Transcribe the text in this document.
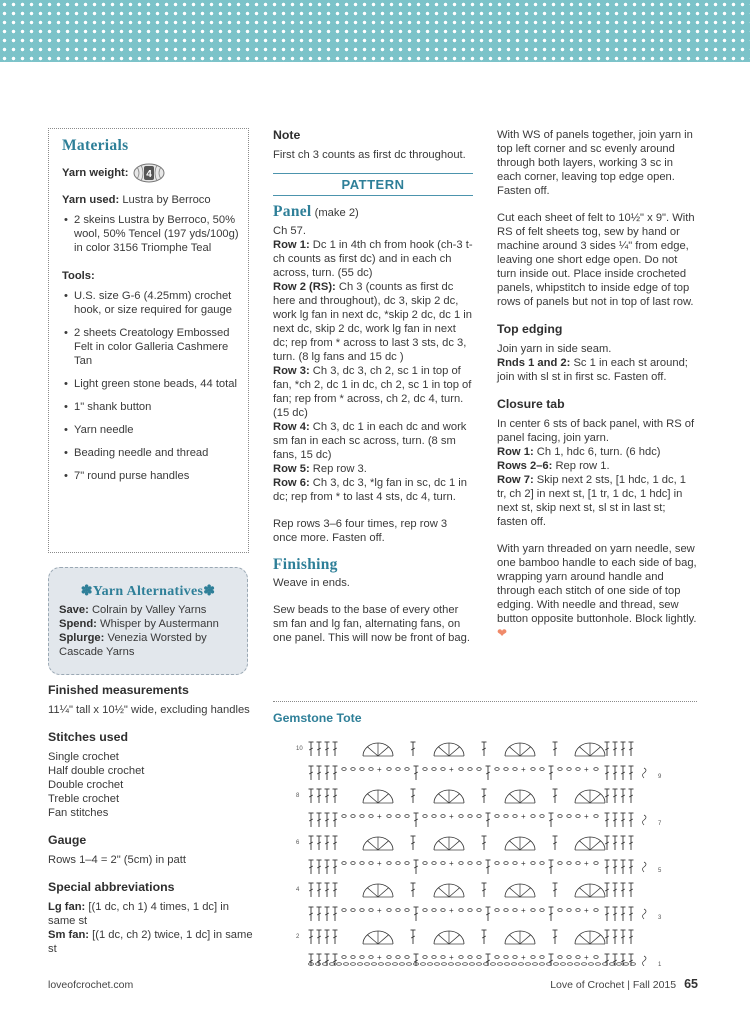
Materials
Yarn weight: 4
Yarn used: Lustra by Berroco
• 2 skeins Lustra by Berroco, 50% wool, 50% Tencel (197 yds/100g) in color 3156 Triomphe Teal
Tools:
• U.S. size G-6 (4.25mm) crochet hook, or size required for gauge
• 2 sheets Creatology Embossed Felt in color Galleria Cashmere Tan
• Light green stone beads, 44 total
• 1" shank button
• Yarn needle
• Beading needle and thread
• 7" round purse handles
✽Yarn Alternatives✽
Save: Colrain by Valley Yarns
Spend: Whisper by Austermann
Splurge: Venezia Worsted by Cascade Yarns
Finished measurements
11¼" tall x 10½" wide, excluding handles
Stitches used
Single crochet
Half double crochet
Double crochet
Treble crochet
Fan stitches
Gauge
Rows 1–4 = 2" (5cm) in patt
Special abbreviations
Lg fan: [(1 dc, ch 1) 4 times, 1 dc] in same st
Sm fan: [(1 dc, ch 2) twice, 1 dc] in same st
Note
First ch 3 counts as first dc throughout.
PATTERN
Panel (make 2)
Ch 57.
Row 1: Dc 1 in 4th ch from hook (ch-3 t-ch counts as first dc) and in each ch across, turn. (55 dc)
Row 2 (RS): Ch 3 (counts as first dc here and throughout), dc 3, skip 2 dc, work lg fan in next dc, *skip 2 dc, dc 1 in next dc, skip 2 dc, work lg fan in next dc; rep from * across to last 3 sts, dc 3, turn. (8 lg fans and 15 dc )
Row 3: Ch 3, dc 3, ch 2, sc 1 in top of fan, *ch 2, dc 1 in dc, ch 2, sc 1 in top of fan; rep from * across, ch 2, dc 4, turn. (15 dc)
Row 4: Ch 3, dc 1 in each dc and work sm fan in each sc across, turn. (8 sm fans, 15 dc)
Row 5: Rep row 3.
Row 6: Ch 3, dc 3, *lg fan in sc, dc 1 in dc; rep from * to last 4 sts, dc 4, turn.
Rep rows 3–6 four times, rep row 3 once more. Fasten off.
Finishing
Weave in ends.
Sew beads to the base of every other sm fan and lg fan, alternating fans, on one panel. This will now be front of bag.
With WS of panels together, join yarn in top left corner and sc evenly around through both layers, working 3 sc in each corner, leaving top edge open. Fasten off.
Cut each sheet of felt to 10½" x 9". With RS of felt sheets tog, sew by hand or machine around 3 sides ¼" from edge, leaving one short edge open. Do not turn inside out. Place inside crocheted panels, whipstitch to inside edge of top rows of panels but not in top of last row.
Top edging
Join yarn in side seam.
Rnds 1 and 2: Sc 1 in each st around; join with sl st in first sc. Fasten off.
Closure tab
In center 6 sts of back panel, with RS of panel facing, join yarn.
Row 1: Ch 1, hdc 6, turn. (6 hdc)
Rows 2–6: Rep row 1.
Row 7: Skip next 2 sts, [1 hdc, 1 dc, 1 tr, ch 2] in next st, [1 tr, 1 dc, 1 hdc] in next st, skip next st, sl st in last st; fasten off.
With yarn threaded on yarn needle, sew one bamboo handle to each side of bag, wrapping yarn around handle and through each stitch of one side of top edging. With needle and thread, sew button opposite buttonhole. Block lightly. ❤
Gemstone Tote
+	+	+	+
10
9
+	+	+	+
8
7
+	+	+	+
6
5
+	+	+	+
4
3
+	+	+	+
2
1
loveofcrochet.com	Love of Crochet | Fall 2015 65
